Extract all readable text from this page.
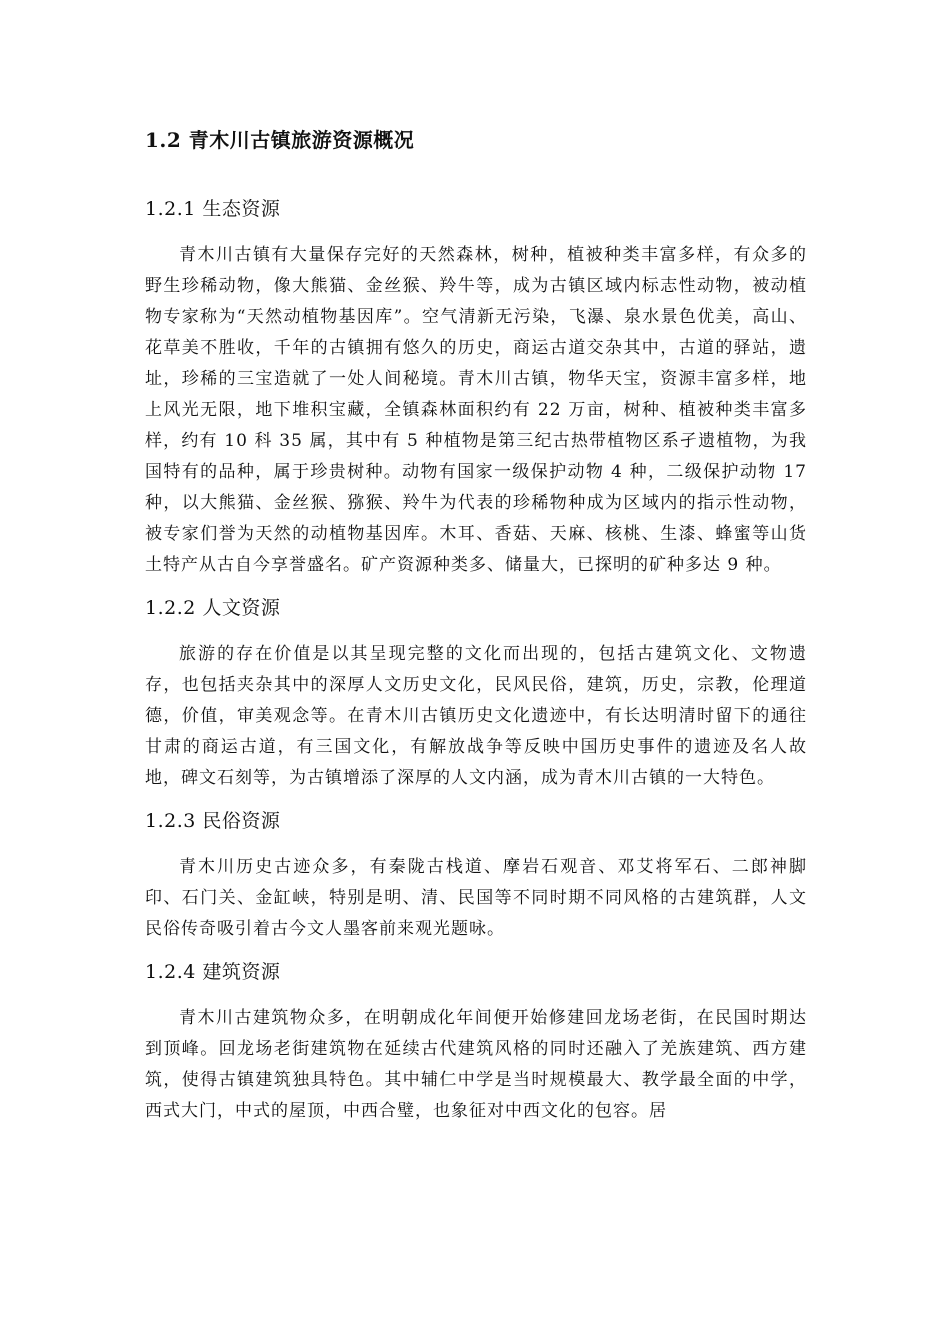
1.2 青木川古镇旅游资源概况
1.2.1 生态资源

青木川古镇有大量保存完好的天然森林，树种，植被种类丰富多样，有众多的野生珍稀动物，像大熊猫、金丝猴、羚牛等，成为古镇区域内标志性动物，被动植物专家称为“天然动植物基因库”。空气清新无污染，飞瀑、泉水景色优美，高山、花草美不胜收，千年的古镇拥有悠久的历史，商运古道交杂其中，古道的驿站，遗址，珍稀的三宝造就了一处人间秘境。青木川古镇，物华天宝，资源丰富多样，地上风光无限，地下堆积宝藏，全镇森林面积约有 22 万亩，树种、植被种类丰富多样，约有 10 科 35 属，其中有 5 种植物是第三纪古热带植物区系孑遗植物，为我国特有的品种，属于珍贵树种。动物有国家一级保护动物 4 种，二级保护动物 17 种，以大熊猫、金丝猴、猕猴、羚牛为代表的珍稀物种成为区域内的指示性动物，被专家们誉为天然的动植物基因库。木耳、香菇、天麻、核桃、生漆、蜂蜜等山货土特产从古自今享誉盛名。矿产资源种类多、储量大，已探明的矿种多达 9 种。

1.2.2 人文资源

旅游的存在价值是以其呈现完整的文化而出现的，包括古建筑文化、文物遗存，也包括夹杂其中的深厚人文历史文化，民风民俗，建筑，历史，宗教，伦理道德，价值，审美观念等。在青木川古镇历史文化遗迹中，有长达明清时留下的通往甘肃的商运古道，有三国文化，有解放战争等反映中国历史事件的遗迹及名人故地，碑文石刻等，为古镇增添了深厚的人文内涵，成为青木川古镇的一大特色。

1.2.3 民俗资源

青木川历史古迹众多，有秦陇古栈道、摩岩石观音、邓艾将军石、二郎神脚印、石门关、金缸峡，特别是明、清、民国等不同时期不同风格的古建筑群，人文民俗传奇吸引着古今文人墨客前来观光题咏。

1.2.4 建筑资源

青木川古建筑物众多，在明朝成化年间便开始修建回龙场老街，在民国时期达到顶峰。回龙场老街建筑物在延续古代建筑风格的同时还融入了羌族建筑、西方建筑，使得古镇建筑独具特色。其中辅仁中学是当时规模最大、教学最全面的中学，西式大门，中式的屋顶，中西合璧，也象征对中西文化的包容。居
